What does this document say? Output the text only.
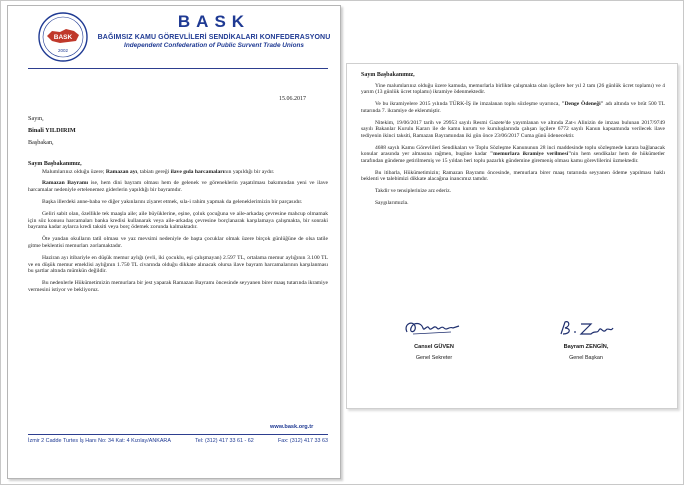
BASK
2002
BASK
BAĞIMSIZ KAMU GÖREVLİLERİ SENDİKALARI KONFEDERASYONU
Independent Confederation of Public Survent Trade Unions
15.06.2017
Sayın,
Binali YILDIRIM
Başbakan,
Sayın Başbakanımız,

Malumlarınız olduğu üzere; Ramazan ayı, tabiatı gereği ilave gıda harcamalarının yapıldığı bir aydır.

Ramazan Bayramı ise, hem dini bayram olması hem de gelenek ve göreneklerin yaşatılması bakımından yeni ve ilave harcamalar nedeniyle ertelenemez giderlerin yapıldığı bir bayramdır.

Başka illerdeki anne-baba ve diğer yakınlarını ziyaret etmek, sıla-i rahim yapmak da geleneklerimizin bir parçasıdır.

Geliri sabit olan, özellikle tek maaşla aile; aile büyüklerine, eşine, çoluk çocuğuna ve aile-arkadaş çevresine mahcup olmamak için söz konusu harcamaları banka kredisi kullanarak veya aile-arkadaş çevresine borçlanarak karşılamaya çalışmakta, bir sonraki bayrama kadar aylarca kredi taksiti veya borç ödemek zorunda kalmaktadır.

Öte yandan okulların tatil olması ve yaz mevsimi nedeniyle de başta çocuklar olmak üzere birçok günlüğüne de olsa tatile gitme beklentisi memurları zorlamaktadır.

Haziran ayı itibariyle en düşük memur aylığı (evli, iki çocuklu, eşi çalışmayan) 2.597 TL, ortalama memur aylığının 3.100 TL ve en düşük memur emeklisi aylığının 1.750 TL civarında olduğu dikkate alınacak olursa ilave bayram harcamalarının karşılanması bu şartlar altında mümkün değildir.

Bu nedenlerle Hükümetimizin memurlara bir jest yaparak Ramazan Bayramı öncesinde seyyanen birer maaş tutarında ikramiye vermesini istiyor ve bekliyoruz.

www.bask.org.tr
İzmir 2 Cadde Turtes İş Hanı No: 34 Kat: 4 Kızılay/ANKARA	Tel: (312) 417 33 61 - 62	Fax: (312) 417 33 63
Sayın Başbakanımız,

Yine malumlarınız olduğu üzere kamuda, memurlarla birlikte çalışmakta olan işçilere her yıl 2 tam (26 günlük ücret toplamı) ve 4 yarım (13 günlük ücret toplamı) ikramiye ödenmektedir.

Ve bu ikramiyelere 2015 yılında TÜRK-İŞ ile imzalanan toplu sözleşme uyarınca, "Denge Ödeneği" adı altında ve brüt 500 TL tutarında 7. ikramiye de eklenmiştir.

Nitekim, 19/06/2017 tarih ve 29953 sayılı Resmi Gazete'de yayımlanan ve altında Zat-ı Alinizin de imzası bulunan 2017/9749 sayılı Bakanlar Kurulu Kararı ile de kamu kurum ve kuruluşlarında çalışan işçilere 6772 sayılı Kanun kapsamında verilecek ilave tediyenin ikinci taksiti, Ramazan Bayramından iki gün önce 23/06/2017 Cuma günü ödenecektir.

4688 sayılı Kamu Görevlileri Sendikaları ve Toplu Sözleşme Kanununun 28 inci maddesinde toplu sözleşmede karara bağlanacak konular arasında yer almasına rağmen, bugüne kadar "memurlara ikramiye verilmesi"nin hem sendikalar hem de hükümetler tarafından gündeme getirilmemiş ve 15 yıldan beri toplu pazarlık gündemine giremeniş olması kamu görevlilerini üzmektedir.

Bu itibarla, Hükümetimizin; Ramazan Bayramı öncesinde, memurlara birer maaş tutarında seyyanen ödeme yapılması haklı beklenti ve talebimizi dikkate alacağına inancımız tamdır.

Takdir ve tensiplerinize arz ederiz.

Saygılarımızla.

Cansel GÜVEN
Genel Sekreter
Bayram ZENGİN,
Genel Başkan
